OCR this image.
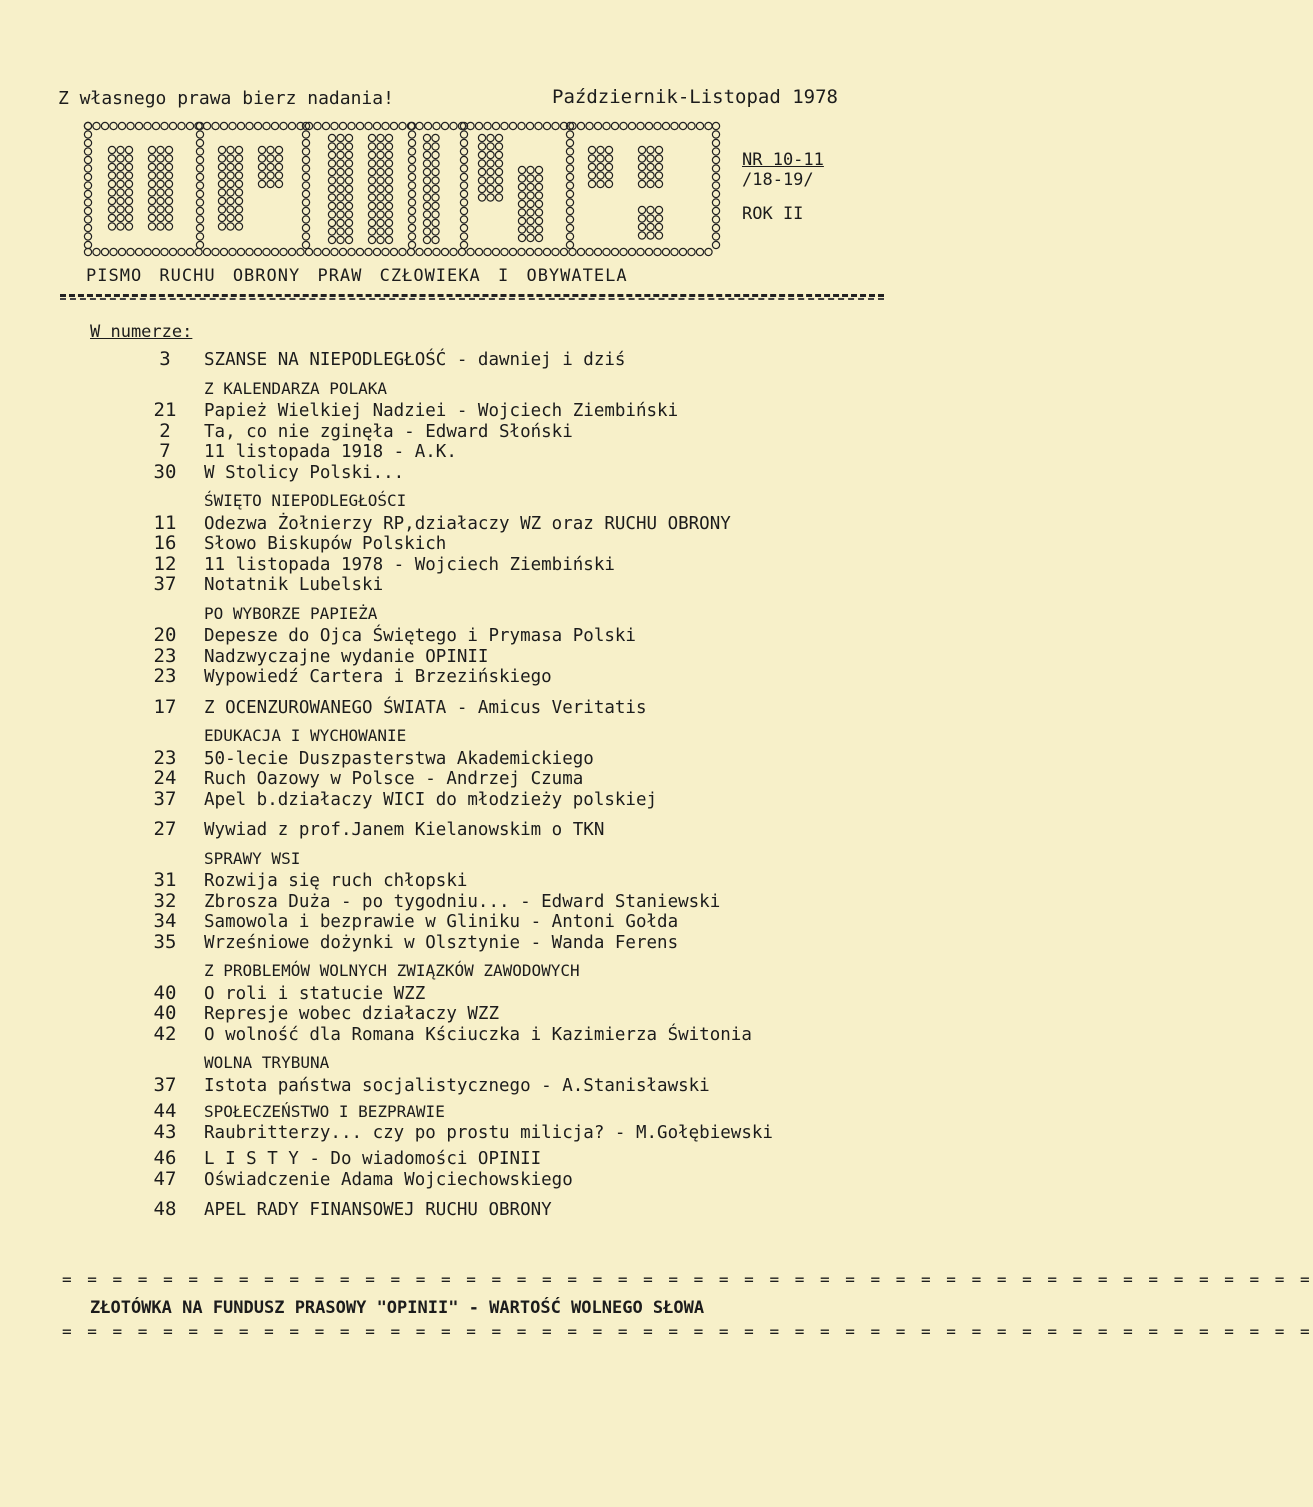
Z własnego prawa bierz nadania!	Październik-Listopad 1978
NR 10-11
/18-19/
ROK II
PISMO RUCHU OBRONY PRAW CZŁOWIEKA I OBYWATELA
W numerze:
3	SZANSE NA NIEPODLEGŁOŚĆ - dawniej i dziś
Z KALENDARZA POLAKA
21	Papież Wielkiej Nadziei - Wojciech Ziembiński
2	Ta, co nie zginęła - Edward Słoński
7	11 listopada 1918 - A.K.
30	W Stolicy Polski...
ŚWIĘTO NIEPODLEGŁOŚCI
11	Odezwa Żołnierzy RP,działaczy WZ oraz RUCHU OBRONY
16	Słowo Biskupów Polskich
12	11 listopada 1978 - Wojciech Ziembiński
37	Notatnik Lubelski
PO WYBORZE PAPIEŻA
20	Depesze do Ojca Świętego i Prymasa Polski
23	Nadzwyczajne wydanie OPINII
23	Wypowiedź Cartera i Brzezińskiego
17	Z OCENZUROWANEGO ŚWIATA - Amicus Veritatis
EDUKACJA I WYCHOWANIE
23	50-lecie Duszpasterstwa Akademickiego
24	Ruch Oazowy w Polsce - Andrzej Czuma
37	Apel b.działaczy WICI do młodzieży polskiej
27	Wywiad z prof.Janem Kielanowskim o TKN
SPRAWY WSI
31	Rozwija się ruch chłopski
32	Zbrosza Duża - po tygodniu... - Edward Staniewski
34	Samowola i bezprawie w Gliniku - Antoni Gołda
35	Wrześniowe dożynki w Olsztynie - Wanda Ferens
Z PROBLEMÓW WOLNYCH ZWIĄZKÓW ZAWODOWYCH
40	O roli i statucie WZZ
40	Represje wobec działaczy WZZ
42	O wolność dla Romana Kściuczka i Kazimierza Świtonia
WOLNA TRYBUNA
37	Istota państwa socjalistycznego - A.Stanisławski
44	SPOŁECZEŃSTWO I BEZPRAWIE
43	Raubritterzy... czy po prostu milicja? - M.Gołębiewski
46	L I S T Y - Do wiadomości OPINII
47	Oświadczenie Adama Wojciechowskiego
48	APEL RADY FINANSOWEJ RUCHU OBRONY
= = = = = = = = = = = = = = = = = = = = = = = = = = = = = = = = = = = = = = = = = = = = = = = = = =
ZŁOTÓWKA NA FUNDUSZ PRASOWY "OPINII" - WARTOŚĆ WOLNEGO SŁOWA
= = = = = = = = = = = = = = = = = = = = = = = = = = = = = = = = = = = = = = = = = = = = = = = = = =
